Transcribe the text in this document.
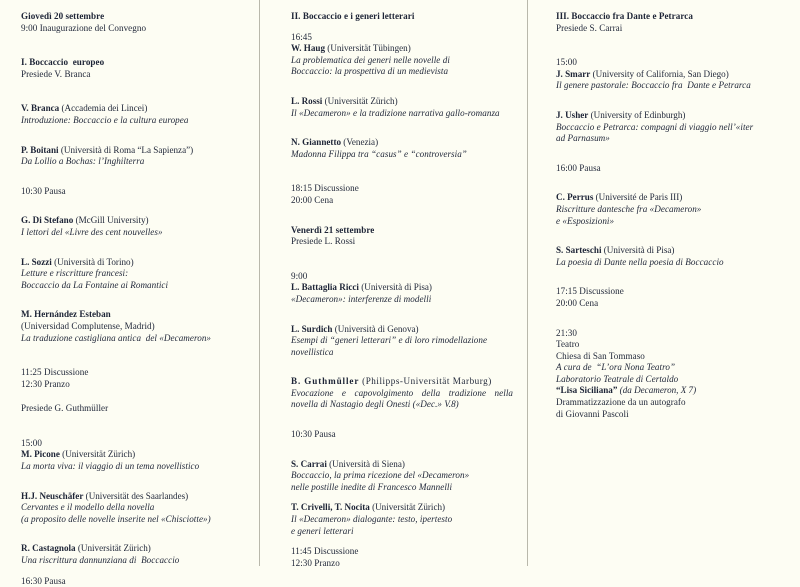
Giovedì 20 settembre
9:00 Inaugurazione del Convegno
I. Boccaccio  europeo
Presiede V. Branca
V. Branca (Accademia dei Lincei)
Introduzione: Boccaccio e la cultura europea
P. Boitani (Università di Roma “La Sapienza”)
Da Lollio a Bochas: l’Inghilterra
10:30 Pausa
G. Di Stefano (McGill University)
I lettori del «Livre des cent nouvelles»
L. Sozzi (Università di Torino)
Letture e riscritture francesi:
Boccaccio da La Fontaine ai Romantici
M. Hernández Esteban
(Universidad Complutense, Madrid)
La traduzione castigliana antica  del «Decameron»
11:25 Discussione
12:30 Pranzo
Presiede G. Guthmüller
15:00
M. Picone (Universität Zürich)
La morta viva: il viaggio di un tema novellistico
H.J. Neuschäfer (Universität des Saarlandes)
Cervantes e il modello della novella
(a proposito delle novelle inserite nel «Chisciotte»)
R. Castagnola (Universität Zürich)
Una riscrittura dannunziana di  Boccaccio
16:30 Pausa
II. Boccaccio e i generi letterari
16:45
W. Haug (Universität Tübingen)
La problematica dei generi nelle novelle di
Boccaccio: la prospettiva di un medievista
L. Rossi (Universität Zürich)
Il «Decameron» e la tradizione narrativa gallo-romanza
N. Giannetto (Venezia)
Madonna Filippa tra “casus” e “controversia”
18:15 Discussione
20:00 Cena
Venerdì 21 settembre
Presiede L. Rossi
9:00
L. Battaglia Ricci (Università di Pisa)
«Decameron»: interferenze di modelli
L. Surdich (Università di Genova)
Esempi di “generi letterari” e di loro rimodellazione
novellistica
B. Guthmüller (Philipps-Universität Marburg)
Evocazione e capovolgimento della tradizione nella
novella di Nastagio degli Onesti («Dec.» V.8)
10:30 Pausa
S. Carrai (Università di Siena)
Boccaccio, la prima ricezione del «Decameron»
nelle postille inedite di Francesco Mannelli
T. Crivelli, T. Nocita (Universität Zürich)
Il «Decameron» dialogante: testo, ipertesto
e generi letterari
11:45 Discussione
12:30 Pranzo
III. Boccaccio fra Dante e Petrarca
Presiede S. Carrai
15:00
J. Smarr (University of California, San Diego)
Il genere pastorale: Boccaccio fra  Dante e Petrarca
J. Usher (University of Edinburgh)
Boccaccio e Petrarca: compagni di viaggio nell’«iter
ad Parnasum»
16:00 Pausa
C. Perrus (Université de Paris III)
Riscritture dantesche fra «Decameron»
e «Esposizioni»
S. Sarteschi (Università di Pisa)
La poesia di Dante nella poesia di Boccaccio
17:15 Discussione
20:00 Cena
21:30
Teatro
Chiesa di San Tommaso
A cura de  “L’ora Nona Teatro”
Laboratorio Teatrale di Certaldo
“Lisa Siciliana” (da Decameron, X 7)
Drammatizzazione da un autografo
di Giovanni Pascoli
